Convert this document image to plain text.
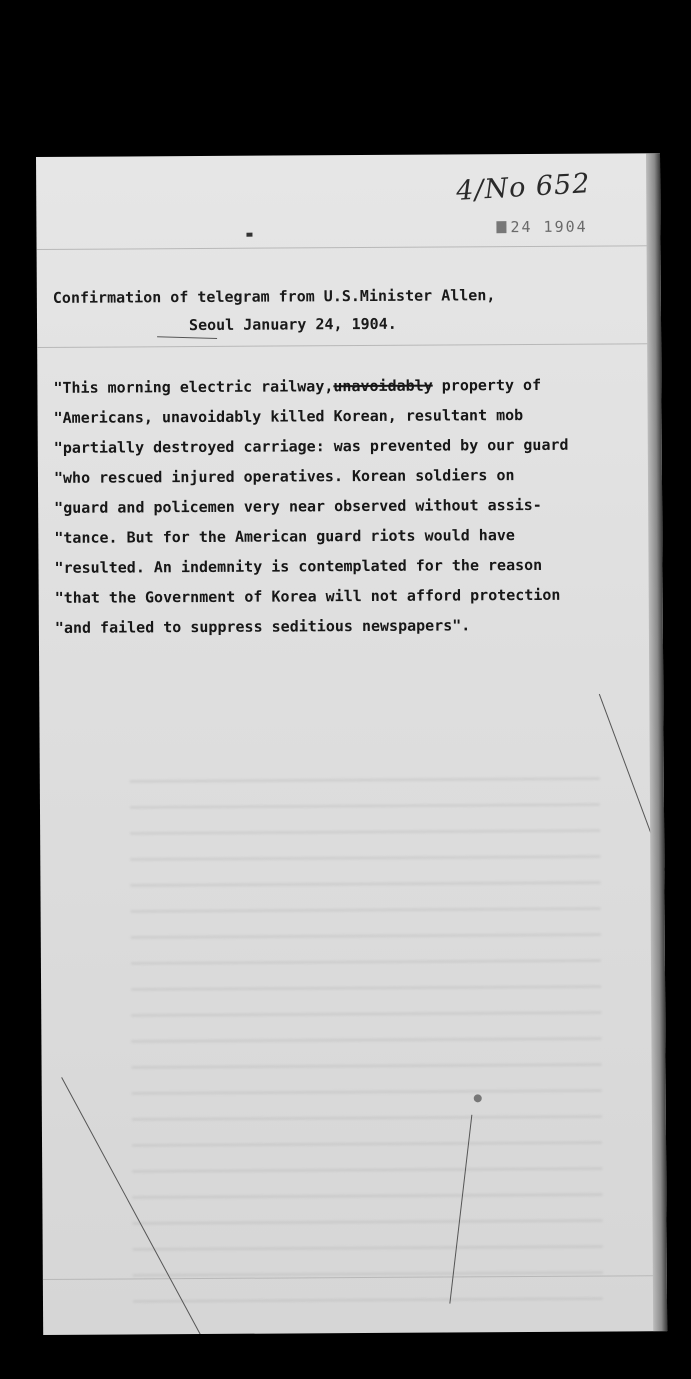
4/No 652
24 1904
Confirmation of telegram from U.S.Minister Allen,
Seoul January 24, 1904.
"This morning electric railway,unavoidably property of
"Americans, unavoidably killed Korean, resultant mob
"partially destroyed carriage: was prevented by our guard
"who rescued injured operatives. Korean soldiers on
"guard and policemen very near observed without assis-
"tance. But for the American guard riots would have
"resulted. An indemnity is contemplated for the reason
"that the Government of Korea will not afford protection
"and failed to suppress seditious newspapers".
